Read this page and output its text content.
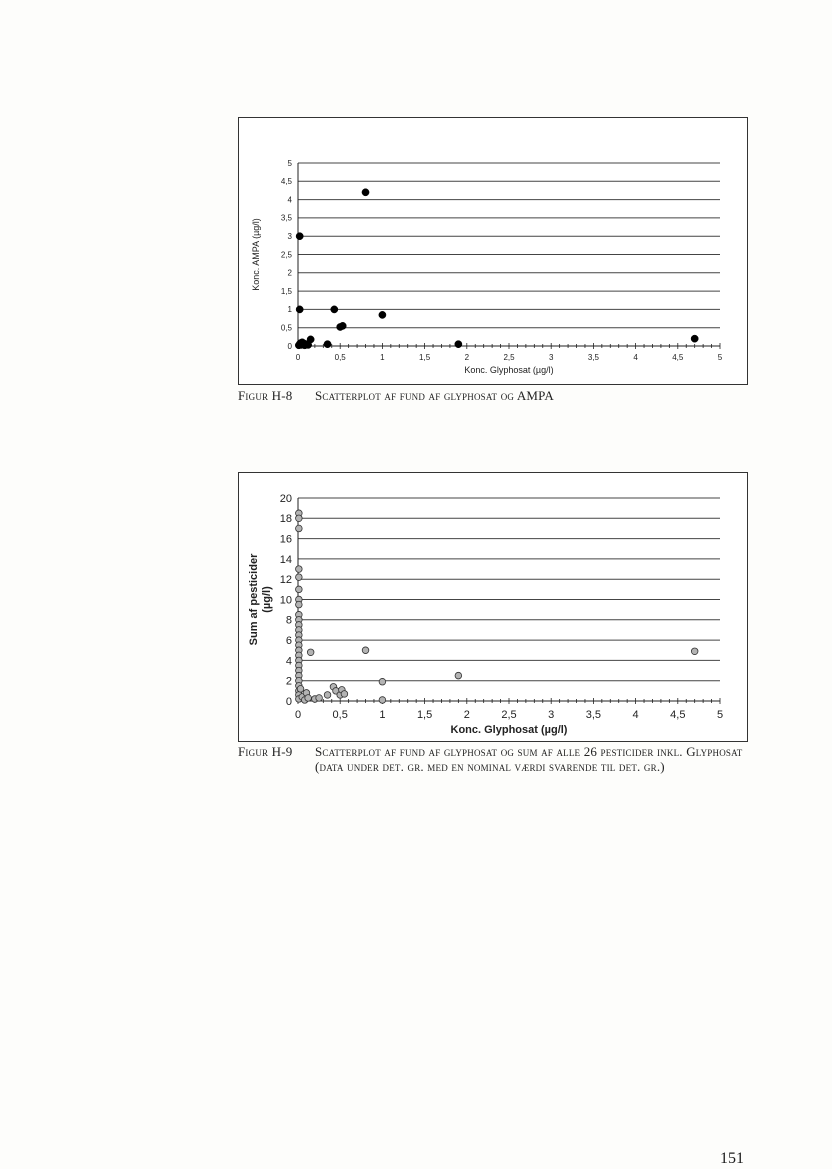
0
0,5
1
1,5
2
2,5
3
3,5
4
4,5
5
0	0,5	1	1,5	2	2,5	3	3,5	4	4,5	5
Konc. Glyphosat (µg/l)
Konc. AMPA (µg/l)
Figur H-8 Scatterplot af fund af glyphosat og AMPA
0
2
4
6
8
10
12
14
16
18
20
0	0,5	1	1,5	2	2,5	3	3,5	4	4,5	5
Konc. Glyphosat (µg/l)
Sum af pesticider (µg/l)
Figur H-9 Scatterplot af fund af glyphosat og sum af alle 26 pesticider inkl. Glyphosat (data under det. gr. med en nominal værdi svarende til det. gr.)
151
